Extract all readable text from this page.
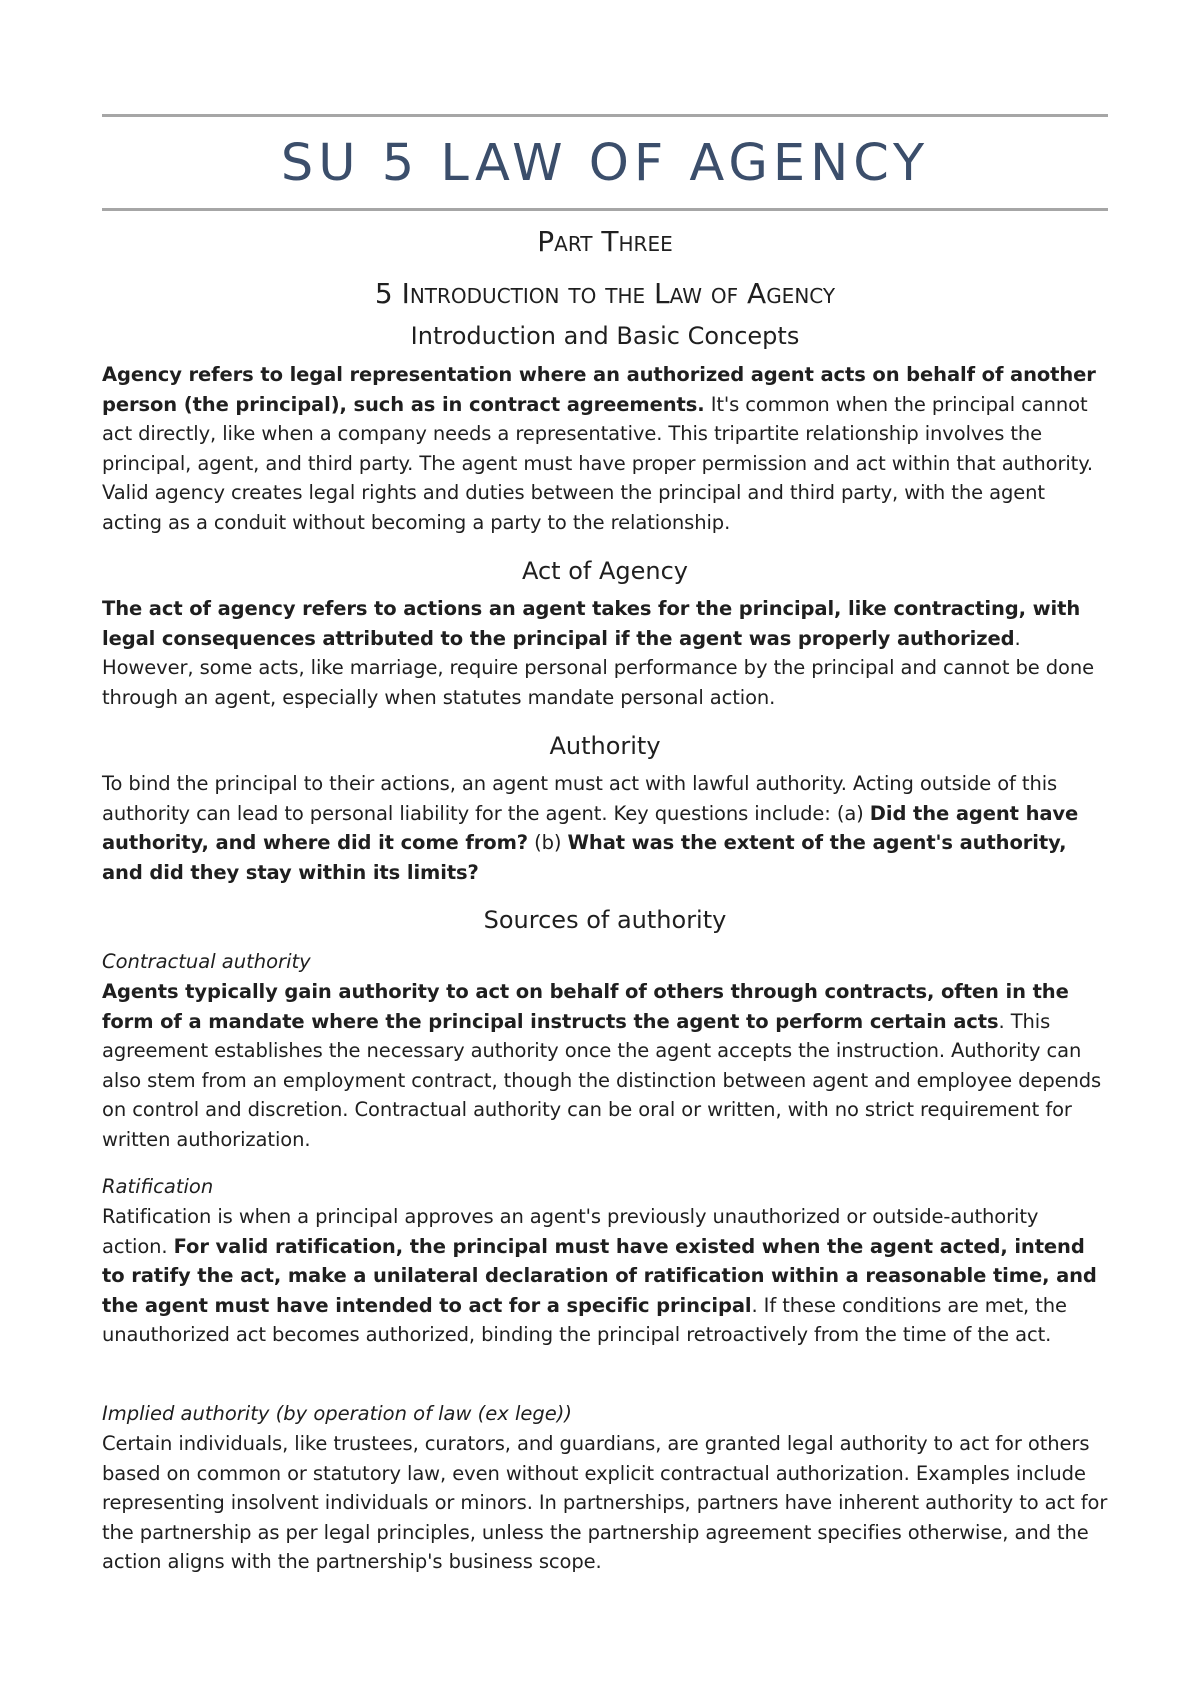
SU 5 LAW OF AGENCY
Part Three
5 Introduction to the Law of Agency
Introduction and Basic Concepts
Agency refers to legal representation where an authorized agent acts on behalf of another person (the principal), such as in contract agreements. It's common when the principal cannot act directly, like when a company needs a representative. This tripartite relationship involves the principal, agent, and third party. The agent must have proper permission and act within that authority. Valid agency creates legal rights and duties between the principal and third party, with the agent acting as a conduit without becoming a party to the relationship.
Act of Agency
The act of agency refers to actions an agent takes for the principal, like contracting, with legal consequences attributed to the principal if the agent was properly authorized. However, some acts, like marriage, require personal performance by the principal and cannot be done through an agent, especially when statutes mandate personal action.
Authority
To bind the principal to their actions, an agent must act with lawful authority. Acting outside of this authority can lead to personal liability for the agent. Key questions include: (a) Did the agent have authority, and where did it come from? (b) What was the extent of the agent's authority, and did they stay within its limits?
Sources of authority
Contractual authority
Agents typically gain authority to act on behalf of others through contracts, often in the form of a mandate where the principal instructs the agent to perform certain acts. This agreement establishes the necessary authority once the agent accepts the instruction. Authority can also stem from an employment contract, though the distinction between agent and employee depends on control and discretion. Contractual authority can be oral or written, with no strict requirement for written authorization.
Ratification
Ratification is when a principal approves an agent's previously unauthorized or outside-authority action. For valid ratification, the principal must have existed when the agent acted, intend to ratify the act, make a unilateral declaration of ratification within a reasonable time, and the agent must have intended to act for a specific principal. If these conditions are met, the unauthorized act becomes authorized, binding the principal retroactively from the time of the act.
Implied authority (by operation of law (ex lege))
Certain individuals, like trustees, curators, and guardians, are granted legal authority to act for others based on common or statutory law, even without explicit contractual authorization. Examples include representing insolvent individuals or minors. In partnerships, partners have inherent authority to act for the partnership as per legal principles, unless the partnership agreement specifies otherwise, and the action aligns with the partnership's business scope.
